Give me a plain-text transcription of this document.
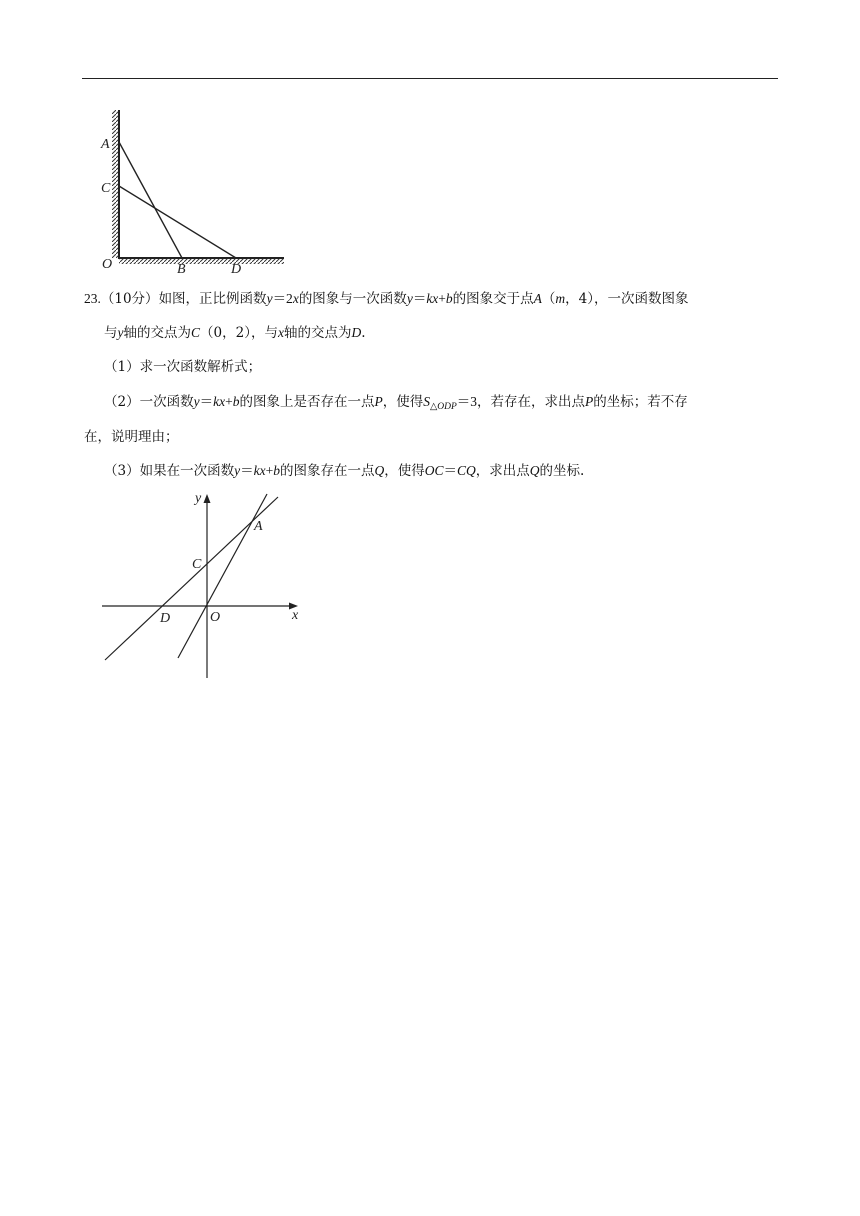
A
C
O	B	D
23.（10分）如图，正比例函数y＝2x的图象与一次函数y＝kx+b的图象交于点A（m，4），一次函数图象
与y轴的交点为C（0，2），与x轴的交点为D.
（1）求一次函数解析式；
（2）一次函数y＝kx+b的图象上是否存在一点P，使得$S_{\triangle ODP}=3$，若存在，求出点P的坐标；若不存
在，说明理由；
（3）如果在一次函数y＝kx+b的图象存在一点Q，使得OC＝CQ，求出点Q的坐标.
y
x
A
C
D	O
